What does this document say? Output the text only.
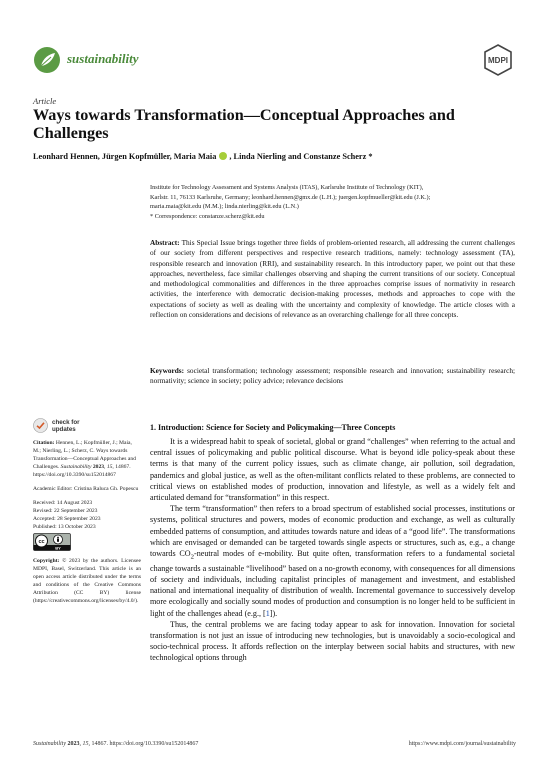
sustainability	MDPI
Article
Ways towards Transformation—Conceptual Approaches and Challenges
Leonhard Hennen, Jürgen Kopfmüller, Maria Maia , Linda Nierling and Constanze Scherz *
Institute for Technology Assessment and Systems Analysis (ITAS), Karlsruhe Institute of Technology (KIT),
Karlstr. 11, 76133 Karlsruhe, Germany; leonhard.hennen@gmx.de (L.H.); juergen.kopfmueller@kit.edu (J.K.);
maria.maia@kit.edu (M.M.); linda.nierling@kit.edu (L.N.)
* Correspondence: constanze.scherz@kit.edu
Abstract: This Special Issue brings together three fields of problem-oriented research, all addressing the current challenges of our society from different perspectives and respective research traditions, namely: technology assessment (TA), responsible research and innovation (RRI), and sustainability research. In this introductory paper, we point out that these approaches, nevertheless, face similar challenges observing and shaping the current transitions of our society. Conceptual and methodological commonalities and differences in the three approaches comprise issues of normativity in research activities, the interference with democratic decision-making processes, methods and approaches to cope with the expectations of society as well as dealing with the uncertainty and complexity of knowledge. The article closes with a reflection on considerations and decisions of relevance as an overarching challenge for all three concepts.
Keywords: societal transformation; technology assessment; responsible research and innovation; sustainability research; normativity; science in society; policy advice; relevance decisions
check for
updates
Citation: Hennen, L.; Kopfmüller, J.; Maia, M.; Nierling, L.; Scherz, C. Ways towards Transformation—Conceptual Approaches and Challenges. Sustainability 2023, 15, 14867. https://doi.org/10.3390/su152014867
Academic Editor: Cristina Raluca Gh. Popescu
Received: 14 August 2023
Revised: 22 September 2023
Accepted: 28 September 2023
Published: 13 October 2023
cc
BY
Copyright: © 2023 by the authors. Licensee MDPI, Basel, Switzerland. This article is an open access article distributed under the terms and conditions of the Creative Commons Attribution (CC BY) license (https://creativecommons.org/licenses/by/4.0/).
1. Introduction: Science for Society and Policymaking—Three Concepts

It is a widespread habit to speak of societal, global or grand “challenges” when referring to the actual and central issues of policymaking and public political discourse. What is beyond idle policy-speak about these terms is that many of the current policy issues, such as climate change, air pollution, soil degradation, pandemics and global justice, as well as the often-militant conflicts related to these problems, are connected to critical views on established modes of production, innovation and lifestyle, as well as a widely felt and articulated demand for “transformation” in this respect.

The term “transformation” then refers to a broad spectrum of established social processes, institutions or systems, political structures and powers, modes of economic production and exchange, as well as culturally embedded patterns of consumption, and attitudes towards nature and ideas of a “good life”. The transformations which are envisaged or demanded can be targeted towards single aspects or structures, such as, e.g., a change towards $CO_2$-neutral modes of e-mobility. But quite often, transformation refers to a fundamental societal change towards a sustainable “livelihood” based on a no-growth economy, with consequences for all dimensions of society and individuals, including capitalist principles of management and investment, and established national and international inequality of distribution of wealth. Incremental governance to successively develop more ecologically and socially sound modes of production and consumption is no longer held to be sufficient in light of the challenges ahead (e.g., [1]).

Thus, the central problems we are facing today appear to ask for innovation. Innovation for societal transformation is not just an issue of introducing new technologies, but is unavoidably a socio-ecological and socio-technical process. It affords reflection on the interplay between social habits and structures, with new technological options through

Sustainability 2023, 15, 14867. https://doi.org/10.3390/su152014867	https://www.mdpi.com/journal/sustainability
